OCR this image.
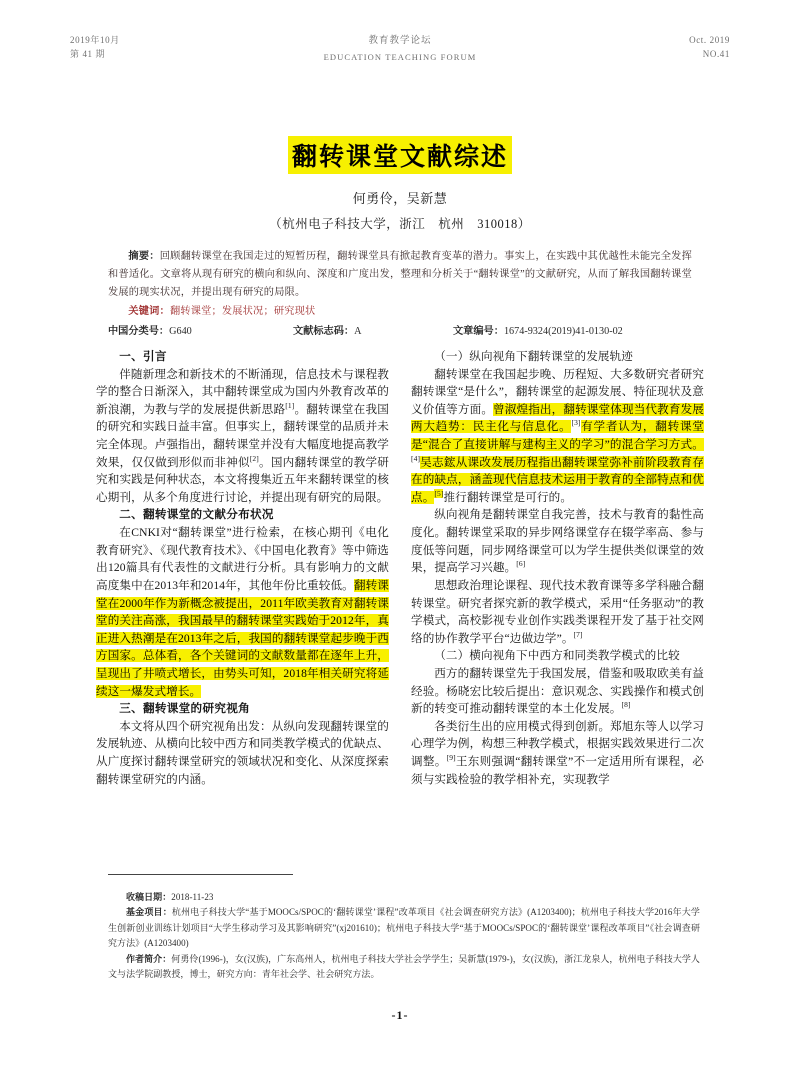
2019年10月
第 41 期
教育教学论坛
EDUCATION TEACHING FORUM
Oct. 2019
NO.41
翻转课堂文献综述
何勇伶，吴新慧
（杭州电子科技大学，浙江　杭州　310018）

摘要：回顾翻转课堂在我国走过的短暂历程，翻转课堂具有掀起教育变革的潜力。事实上，在实践中其优越性未能完全发挥和普适化。文章将从现有研究的横向和纵向、深度和广度出发，整理和分析关于“翻转课堂”的文献研究，从而了解我国翻转课堂发展的现实状况，并提出现有研究的局限。

关键词：翻转课堂；发展状况；研究现状
中国分类号：G640	文献标志码：A	文章编号：1674-9324(2019)41-0130-02

一、引言

伴随新理念和新技术的不断涌现，信息技术与课程教学的整合日渐深入，其中翻转课堂成为国内外教育改革的新浪潮，为教与学的发展提供新思路[1]。翻转课堂在我国的研究和实践日益丰富。但事实上，翻转课堂的品质并未完全体现。卢强指出，翻转课堂并没有大幅度地提高教学效果，仅仅做到形似而非神似[2]。国内翻转课堂的教学研究和实践是何种状态，本文将搜集近五年来翻转课堂的核心期刊，从多个角度进行讨论，并提出现有研究的局限。

二、翻转课堂的文献分布状况

在CNKI对“翻转课堂”进行检索，在核心期刊《电化教育研究》、《现代教育技术》、《中国电化教育》等中筛选出120篇具有代表性的文献进行分析。具有影响力的文献高度集中在2013年和2014年，其他年份比重较低。翻转课堂在2000年作为新概念被提出，2011年欧美教育对翻转课堂的关注高涨，我国最早的翻转课堂实践始于2012年，真正进入热潮是在2013年之后，我国的翻转课堂起步晚于西方国家。总体看，各个关键词的文献数量都在逐年上升，呈现出了井喷式增长，由势头可知，2018年相关研究将延续这一爆发式增长。

三、翻转课堂的研究视角

本文将从四个研究视角出发：从纵向发现翻转课堂的发展轨迹、从横向比较中西方和同类教学模式的优缺点、从广度探讨翻转课堂研究的领域状况和变化、从深度探索翻转课堂研究的内涵。

（一）纵向视角下翻转课堂的发展轨迹

翻转课堂在我国起步晚、历程短、大多数研究者研究翻转课堂“是什么”，翻转课堂的起源发展、特征现状及意义价值等方面。曾淑煌指出，翻转课堂体现当代教育发展两大趋势：民主化与信息化。[3]有学者认为，翻转课堂是“混合了直接讲解与建构主义的学习”的混合学习方式。[4]吴志鋐从课改发展历程指出翻转课堂弥补前阶段教育存在的缺点，涵盖现代信息技术运用于教育的全部特点和优点。[5]推行翻转课堂是可行的。

纵向视角是翻转课堂自我完善，技术与教育的黏性高度化。翻转课堂采取的异步网络课堂存在辍学率高、参与度低等问题，同步网络课堂可以为学生提供类似课堂的效果，提高学习兴趣。[6]

思想政治理论课程、现代技术教育课等多学科融合翻转课堂。研究者探究新的教学模式，采用“任务驱动”的教学模式，高校影视专业创作实践类课程开发了基于社交网络的协作教学平台“边做边学”。[7]

（二）横向视角下中西方和同类教学模式的比较

西方的翻转课堂先于我国发展，借鉴和吸取欧美有益经验。杨晓宏比较后提出：意识观念、实践操作和模式创新的转变可推动翻转课堂的本土化发展。[8]

各类衍生出的应用模式得到创新。郑旭东等人以学习心理学为例，构想三种教学模式，根据实践效果进行二次调整。[9]王东则强调“翻转课堂”不一定适用所有课程，必须与实践检验的教学相补充，实现教学

收稿日期：2018-11-23

基金项目：杭州电子科技大学“基于MOOCs/SPOC的‘翻转课堂’课程”改革项目《社会调查研究方法》(A1203400)；杭州电子科技大学2016年大学生创新创业训练计划项目“大学生移动学习及其影响研究”(xj201610)；杭州电子科技大学“基于MOOCs/SPOC的‘翻转课堂’课程改革项目”《社会调查研究方法》(A1203400)

作者简介：何勇伶(1996-)，女(汉族)，广东高州人，杭州电子科技大学社会学学生；吴新慧(1979-)，女(汉族)，浙江龙泉人，杭州电子科技大学人文与法学院副教授，博士，研究方向：青年社会学、社会研究方法。

-1-
